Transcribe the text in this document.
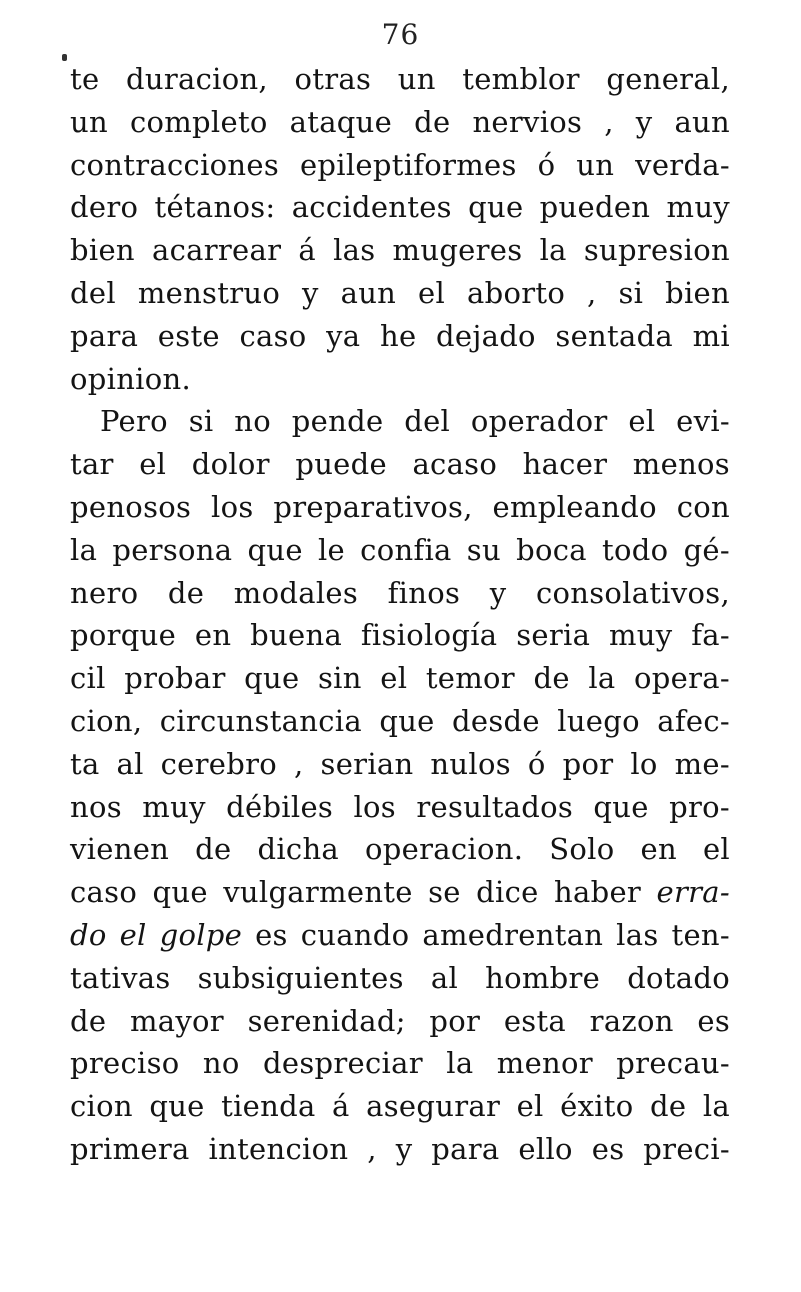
76
te duracion, otras un temblor general,
un completo ataque de nervios , y aun
contracciones epileptiformes ó un verda-
dero tétanos: accidentes que pueden muy
bien acarrear á las mugeres la supresion
del menstruo y aun el aborto , si bien
para este caso ya he dejado sentada mi
opinion.
Pero si no pende del operador el evi-
tar el dolor puede acaso hacer menos
penosos los preparativos, empleando con
la persona que le confia su boca todo gé-
nero de modales finos y consolativos,
porque en buena fisiología seria muy fa-
cil probar que sin el temor de la opera-
cion, circunstancia que desde luego afec-
ta al cerebro , serian nulos ó por lo me-
nos muy débiles los resultados que pro-
vienen de dicha operacion. Solo en el
caso que vulgarmente se dice haber erra-
do el golpe es cuando amedrentan las ten-
tativas subsiguientes al hombre dotado
de mayor serenidad; por esta razon es
preciso no despreciar la menor precau-
cion que tienda á asegurar el éxito de la
primera intencion , y para ello es preci-
